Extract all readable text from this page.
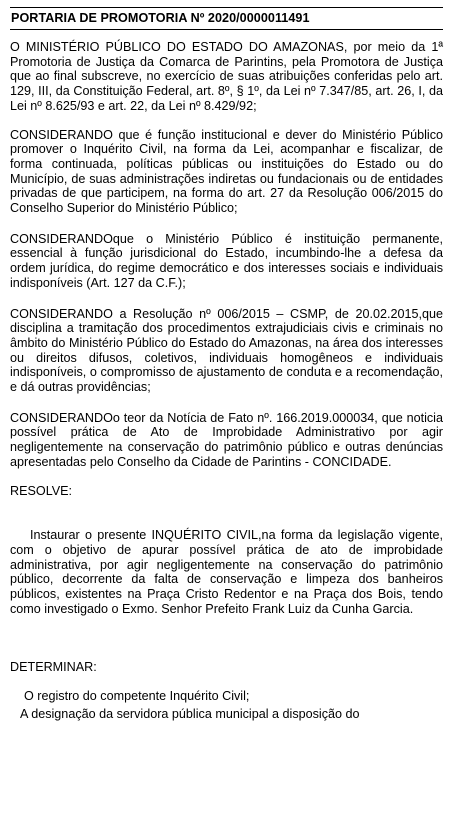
PORTARIA DE PROMOTORIA Nº 2020/0000011491

O MINISTÉRIO PÚBLICO DO ESTADO DO AMAZONAS, por meio da 1ª Promotoria de Justiça da Comarca de Parintins, pela Promotora de Justiça que ao final subscreve, no exercício de suas atribuições conferidas pelo art. 129, III, da Constituição Federal, art. 8º, § 1º, da Lei nº 7.347/85, art. 26, I, da Lei nº 8.625/93 e art. 22, da Lei nº 8.429/92;

CONSIDERANDO que é função institucional e dever do Ministério Público promover o Inquérito Civil, na forma da Lei, acompanhar e fiscalizar, de forma continuada, políticas públicas ou instituições do Estado ou do Município, de suas administrações indiretas ou fundacionais ou de entidades privadas de que participem, na forma do art. 27 da Resolução 006/2015 do Conselho Superior do Ministério Público;

CONSIDERANDOque o Ministério Público é instituição permanente, essencial à função jurisdicional do Estado, incumbindo-lhe a defesa da ordem jurídica, do regime democrático e dos interesses sociais e individuais indisponíveis (Art. 127 da C.F.);

CONSIDERANDO a Resolução nº 006/2015 – CSMP, de 20.02.2015,que disciplina a tramitação dos procedimentos extrajudiciais civis e criminais no âmbito do Ministério Público do Estado do Amazonas, na área dos interesses ou direitos difusos, coletivos, individuais homogêneos e individuais indisponíveis, o compromisso de ajustamento de conduta e a recomendação, e dá outras providências;

CONSIDERANDOo teor da Notícia de Fato nº. 166.2019.000034, que noticia possível prática de Ato de Improbidade Administrativo por agir negligentemente na conservação do patrimônio público e outras denúncias apresentadas pelo Conselho da Cidade de Parintins - CONCIDADE.

RESOLVE:

Instaurar o presente INQUÉRITO CIVIL,na forma da legislação vigente, com o objetivo de apurar possível prática de ato de improbidade administrativa, por agir negligentemente na conservação do patrimônio público, decorrente da falta de conservação e limpeza dos banheiros públicos, existentes na Praça Cristo Redentor e na Praça dos Bois, tendo como investigado o Exmo. Senhor Prefeito Frank Luiz da Cunha Garcia.

DETERMINAR:

O registro do competente Inquérito Civil;

A designação da servidora pública municipal a disposição do
